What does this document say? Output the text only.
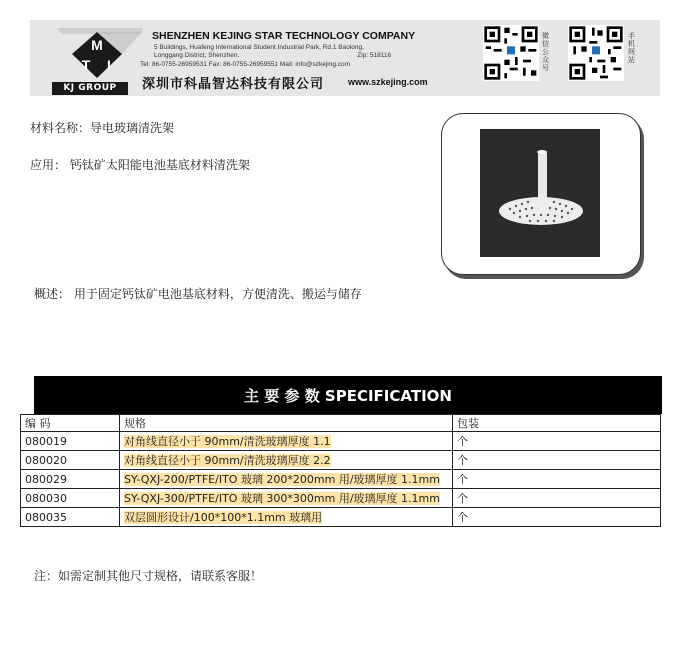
M
T I
KJ GROUP
SHENZHEN KEJING STAR TECHNOLOGY COMPANY
5 Buildings, Huafeng International Student Industrial Park, Rd.1 Baolong,
Longgang District, Shenzhen.	Zip: 518116
Tel: 86-0755-26959531 Fax: 86-0755-26959551 Mail: info@szkejing.com
深圳市科晶智达科技有限公司	www.szkejing.com
微信公众号
手机网站
材料名称：导电玻璃清洗架
应用： 钙钛矿太阳能电池基底材料清洗架
概述： 用于固定钙钛矿电池基底材料，方便清洗、搬运与储存
主 要 参 数 SPECIFICATION
编 码	规格	包装
080019	对角线直径小于 90mm/清洗玻璃厚度 1.1	个
080020	对角线直径小于 90mm/清洗玻璃厚度 2.2	个
080029	SY-QXJ-200/PTFE/ITO 玻璃 200*200mm 用/玻璃厚度 1.1mm	个
080030	SY-QXJ-300/PTFE/ITO 玻璃 300*300mm 用/玻璃厚度 1.1mm	个
080035	双层圆形设计/100*100*1.1mm 玻璃用	个
注：如需定制其他尺寸规格，请联系客服！
